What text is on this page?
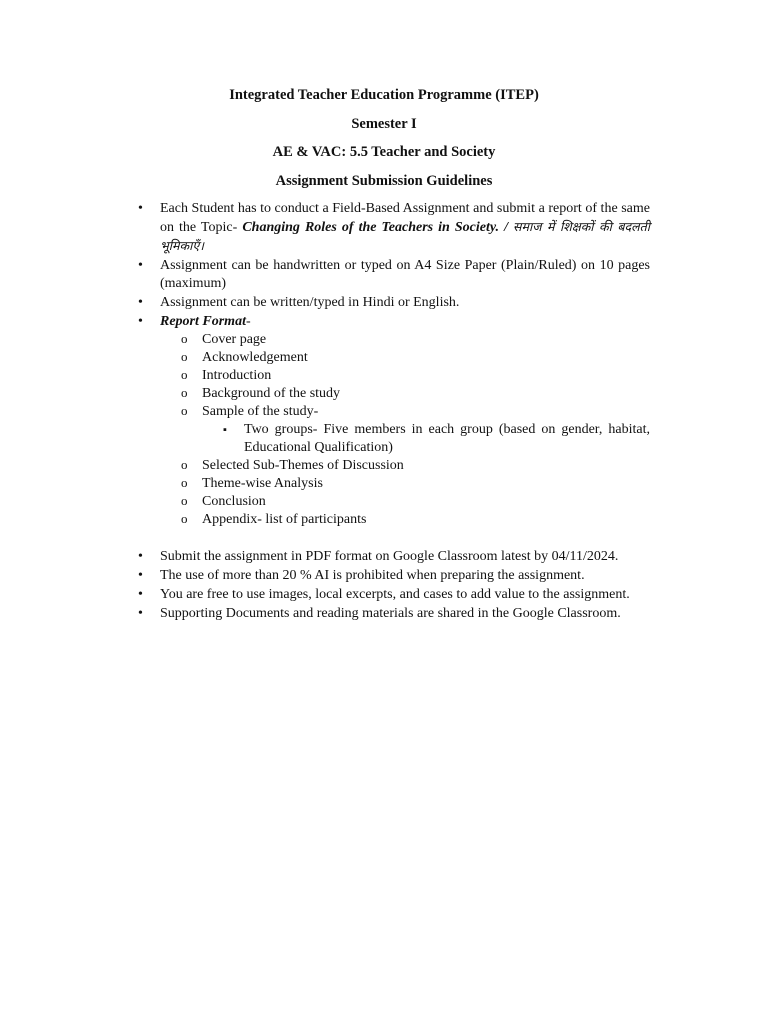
Integrated Teacher Education Programme (ITEP)
Semester I
AE & VAC: 5.5 Teacher and Society
Assignment Submission Guidelines
• Each Student has to conduct a Field-Based Assignment and submit a report of the same on the Topic- Changing Roles of the Teachers in Society. / समाज में शिक्षकों की बदलती भूमिकाएँ।
• Assignment can be handwritten or typed on A4 Size Paper (Plain/Ruled) on 10 pages (maximum)
• Assignment can be written/typed in Hindi or English.
• Report Format-
o Cover page
o Acknowledgement
o Introduction
o Background of the study
o Sample of the study-
▪ Two groups- Five members in each group (based on gender, habitat, Educational Qualification)
o Selected Sub-Themes of Discussion
o Theme-wise Analysis
o Conclusion
o Appendix- list of participants
• Submit the assignment in PDF format on Google Classroom latest by 04/11/2024.
• The use of more than 20 % AI is prohibited when preparing the assignment.
• You are free to use images, local excerpts, and cases to add value to the assignment.
• Supporting Documents and reading materials are shared in the Google Classroom.
